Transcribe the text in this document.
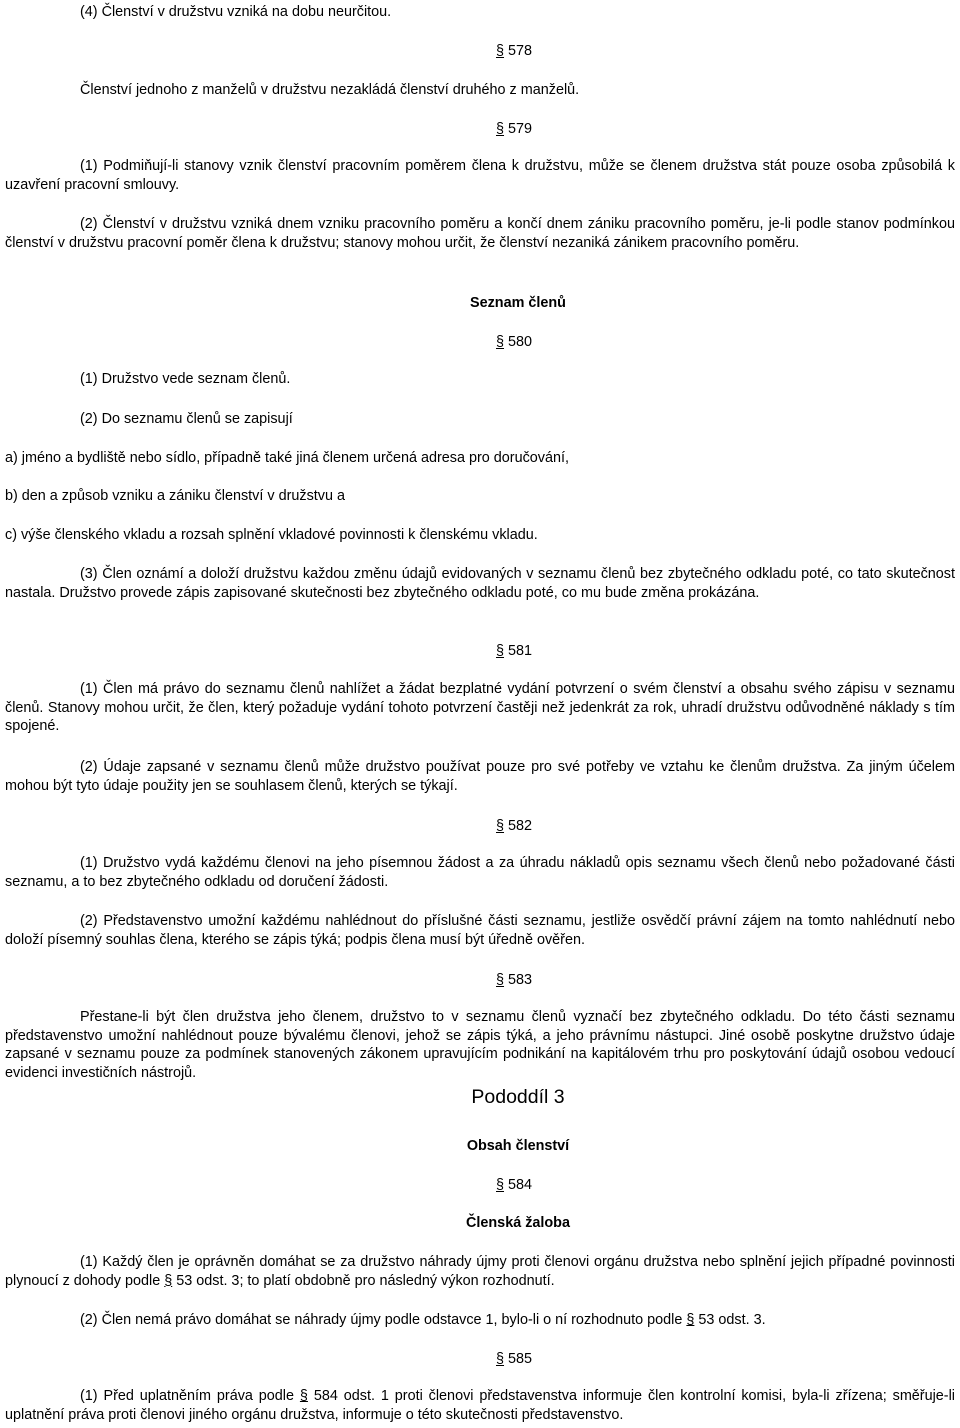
(4) Členství v družstvu vzniká na dobu neurčitou.

§ 578

Členství jednoho z manželů v družstvu nezakládá členství druhého z manželů.

§ 579

(1) Podmiňují-li stanovy vznik členství pracovním poměrem člena k družstvu, může se členem družstva stát pouze osoba způsobilá k uzavření pracovní smlouvy.

(2) Členství v družstvu vzniká dnem vzniku pracovního poměru a končí dnem zániku pracovního poměru, je-li podle stanov podmínkou členství v družstvu pracovní poměr člena k družstvu; stanovy mohou určit, že členství nezaniká zánikem pracovního poměru.

Seznam členů

§ 580

(1) Družstvo vede seznam členů.

(2) Do seznamu členů se zapisují

a) jméno a bydliště nebo sídlo, případně také jiná členem určená adresa pro doručování,

b) den a způsob vzniku a zániku členství v družstvu a

c) výše členského vkladu a rozsah splnění vkladové povinnosti k členskému vkladu.

(3) Člen oznámí a doloží družstvu každou změnu údajů evidovaných v seznamu členů bez zbytečného odkladu poté, co tato skutečnost nastala. Družstvo provede zápis zapisované skutečnosti bez zbytečného odkladu poté, co mu bude změna prokázána.

§ 581

(1) Člen má právo do seznamu členů nahlížet a žádat bezplatné vydání potvrzení o svém členství a obsahu svého zápisu v seznamu členů. Stanovy mohou určit, že člen, který požaduje vydání tohoto potvrzení častěji než jedenkrát za rok, uhradí družstvu odůvodněné náklady s tím spojené.

(2) Údaje zapsané v seznamu členů může družstvo používat pouze pro své potřeby ve vztahu ke členům družstva. Za jiným účelem mohou být tyto údaje použity jen se souhlasem členů, kterých se týkají.

§ 582

(1) Družstvo vydá každému členovi na jeho písemnou žádost a za úhradu nákladů opis seznamu všech členů nebo požadované části seznamu, a to bez zbytečného odkladu od doručení žádosti.

(2) Představenstvo umožní každému nahlédnout do příslušné části seznamu, jestliže osvědčí právní zájem na tomto nahlédnutí nebo doloží písemný souhlas člena, kterého se zápis týká; podpis člena musí být úředně ověřen.

§ 583

Přestane-li být člen družstva jeho členem, družstvo to v seznamu členů vyznačí bez zbytečného odkladu. Do této části seznamu představenstvo umožní nahlédnout pouze bývalému členovi, jehož se zápis týká, a jeho právnímu nástupci. Jiné osobě poskytne družstvo údaje zapsané v seznamu pouze za podmínek stanovených zákonem upravujícím podnikání na kapitálovém trhu pro poskytování údajů osobou vedoucí evidenci investičních nástrojů.

Pododdíl 3

Obsah členství

§ 584

Členská žaloba

(1) Každý člen je oprávněn domáhat se za družstvo náhrady újmy proti členovi orgánu družstva nebo splnění jejich případné povinnosti plynoucí z dohody podle § 53 odst. 3; to platí obdobně pro následný výkon rozhodnutí.

(2) Člen nemá právo domáhat se náhrady újmy podle odstavce 1, bylo-li o ní rozhodnuto podle § 53 odst. 3.

§ 585

(1) Před uplatněním práva podle § 584 odst. 1 proti členovi představenstva informuje člen kontrolní komisi, byla-li zřízena; směřuje-li uplatnění práva proti členovi jiného orgánu družstva, informuje o této skutečnosti představenstvo.
